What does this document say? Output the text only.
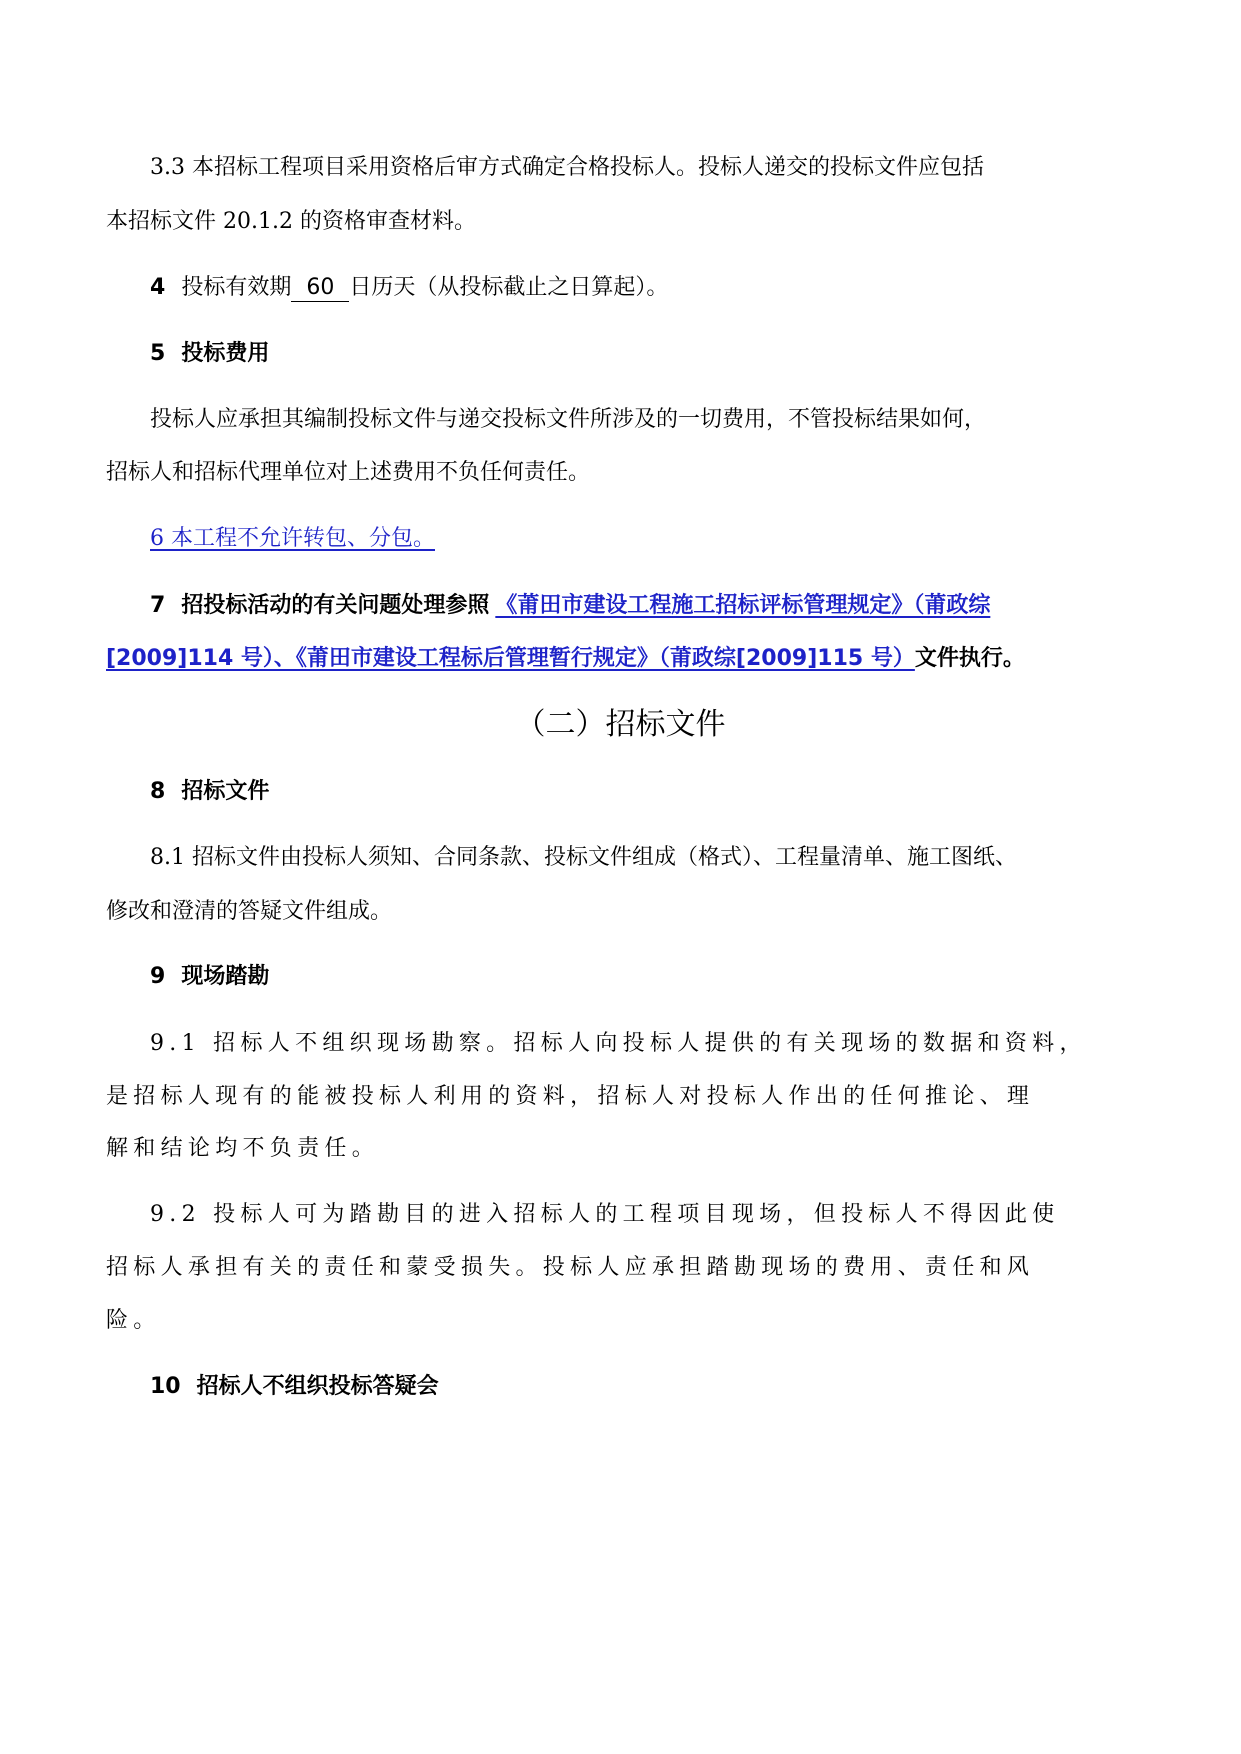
3.3 本招标工程项目采用资格后审方式确定合格投标人。投标人递交的投标文件应包括
本招标文件 20.1.2 的资格审查材料。
4 投标有效期 60 日历天（从投标截止之日算起）。
5 投标费用
投标人应承担其编制投标文件与递交投标文件所涉及的一切费用，不管投标结果如何，
招标人和招标代理单位对上述费用不负任何责任。
6 本工程不允许转包、分包。
7 招投标活动的有关问题处理参照 《莆田市建设工程施工招标评标管理规定》（莆政综
[2009]114 号）、《莆田市建设工程标后管理暂行规定》（莆政综[2009]115 号）文件执行。
（二）招标文件
8 招标文件
8.1 招标文件由投标人须知、合同条款、投标文件组成（格式）、工程量清单、施工图纸、
修改和澄清的答疑文件组成。
9 现场踏勘
9.1 招标人不组织现场勘察。招标人向投标人提供的有关现场的数据和资料，
是招标人现有的能被投标人利用的资料，招标人对投标人作出的任何推论、理
解和结论均不负责任。
9.2 投标人可为踏勘目的进入招标人的工程项目现场，但投标人不得因此使
招标人承担有关的责任和蒙受损失。投标人应承担踏勘现场的费用、责任和风
险。
10 招标人不组织投标答疑会
